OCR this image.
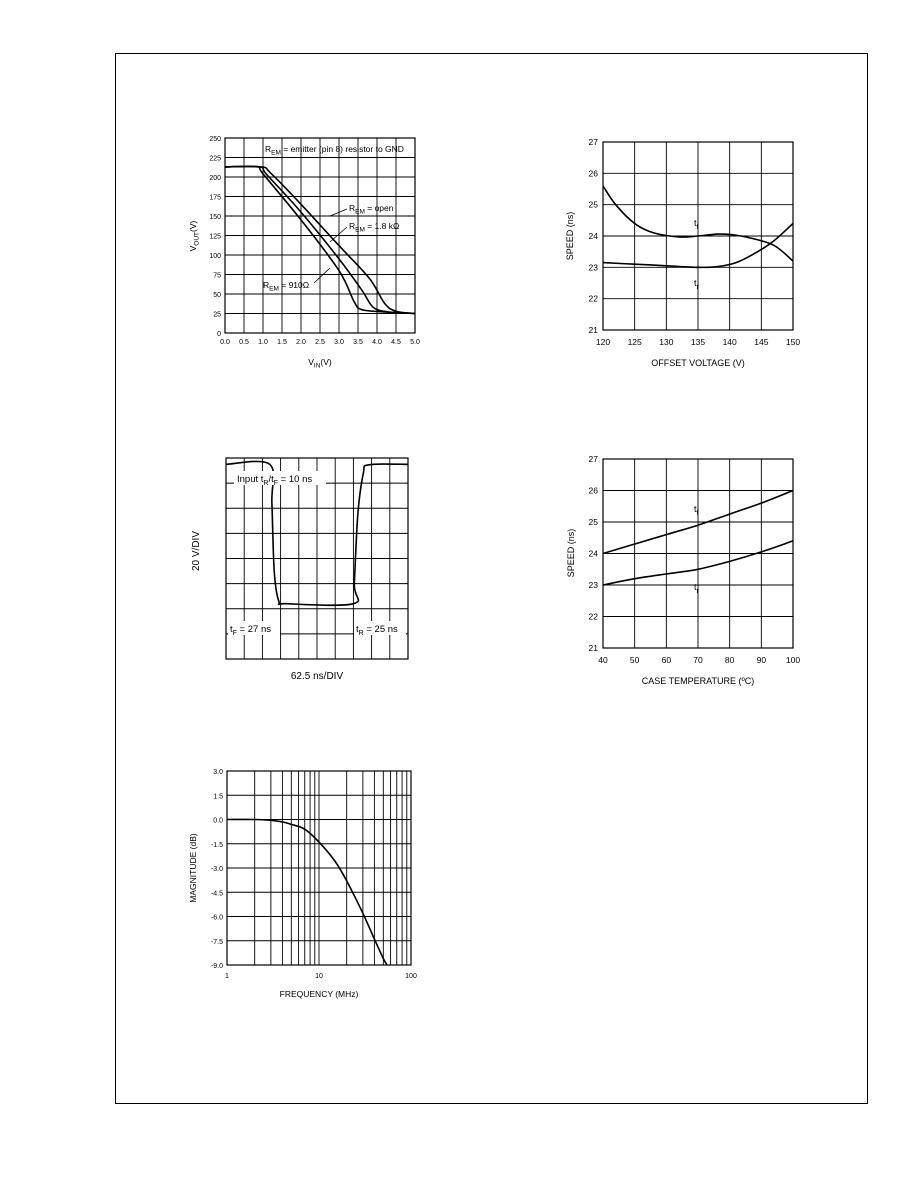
0.0 0.5 1.0 1.5 2.0 2.5 3.0 3.5 4.0 4.5 5.0
0
25
50
75
100
125
150
175
200
225
250
$R_{EM}$ = emitter (pin 8) resistor to GND
$R_{EM}$ = open
$R_{EM} = 1.8$ kΩ
$R_{EM} = 910\Omega$
$V_{IN}(V)$
$V_{OUT}(V)$
120 125 130 135 140 145 150
21
22
23
24
25
26
27
$t_f$
$t_r$
OFFSET VOLTAGE (V)
SPEED (ns)
Input $t_R/t_F = 10$ ns
$t_F = 27$ ns	$t_R = 25$ ns
62.5 ns/DIV
20 V/DIV
40	50	60	70	80	90 100
21
22
23
24
25
26
27
$t_f$
$t_r$
CASE TEMPERATURE (ºC)
SPEED (ns)
1	10	100
3.0
1.5
0.0
-1.5
-3.0
-4.5
-6.0
-7.5
-9.0
FREQUENCY (MHz)
MAGNITUDE (dB)
